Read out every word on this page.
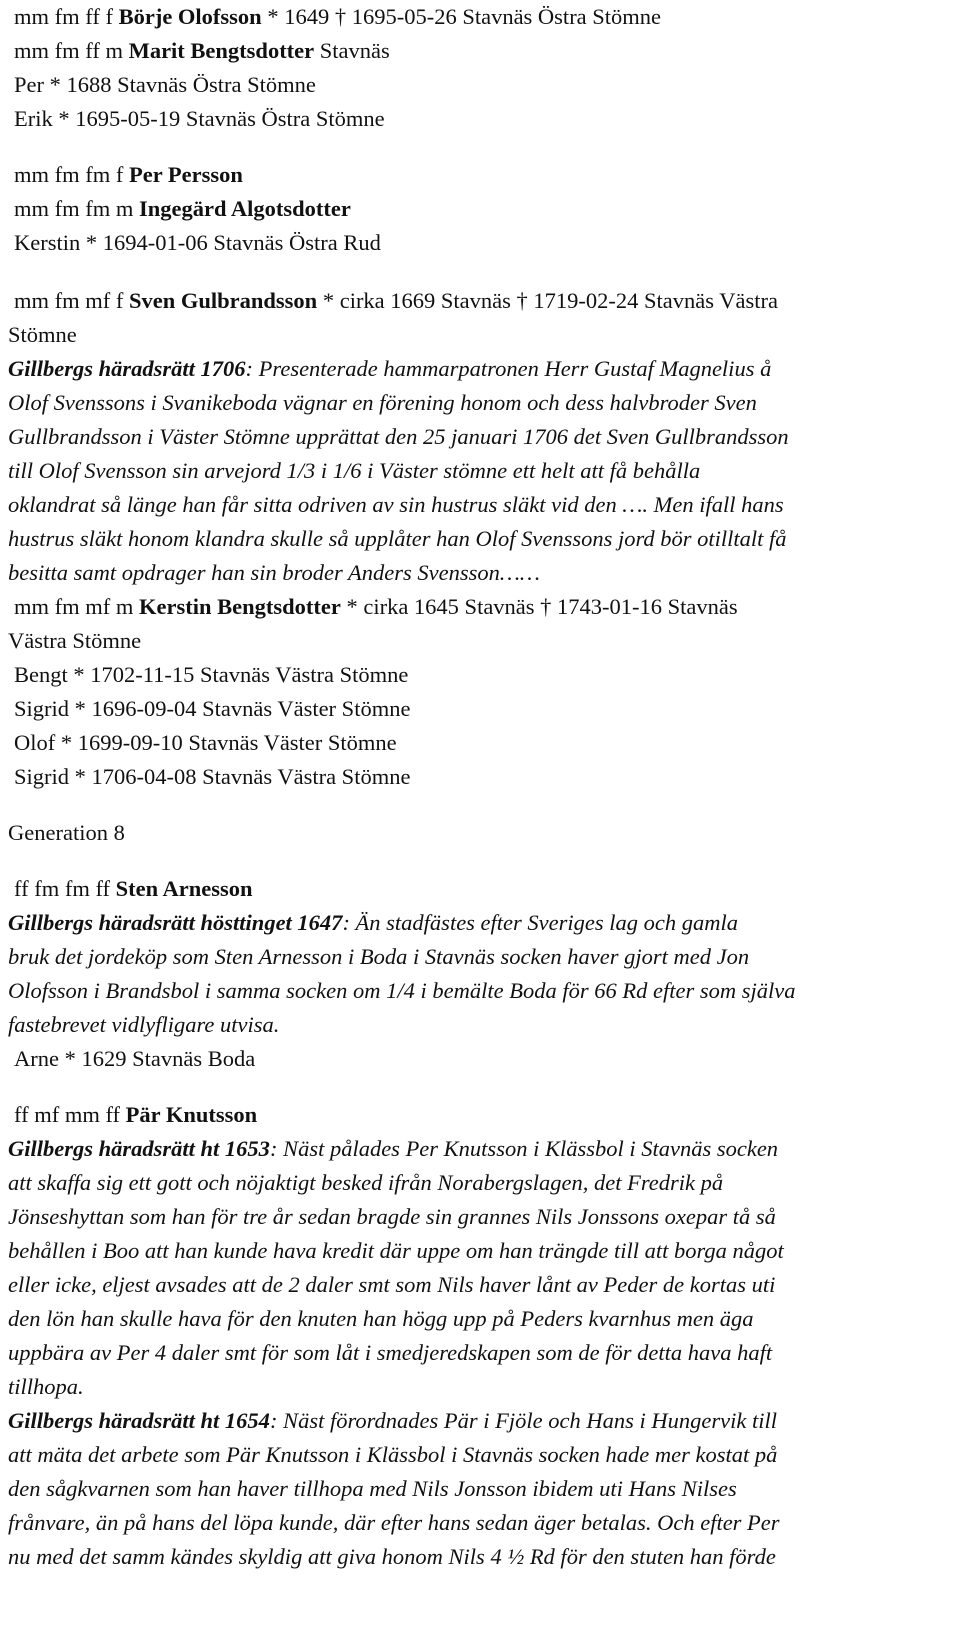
mm fm ff f Börje Olofsson * 1649 † 1695-05-26 Stavnäs Östra Stömne
mm fm ff m Marit Bengtsdotter Stavnäs
Per * 1688 Stavnäs Östra Stömne
Erik * 1695-05-19 Stavnäs Östra Stömne
mm fm fm f Per Persson
mm fm fm m Ingegärd Algotsdotter
Kerstin * 1694-01-06 Stavnäs Östra Rud
mm fm mf f Sven Gulbrandsson * cirka 1669 Stavnäs † 1719-02-24 Stavnäs Västra
Stömne
Gillbergs häradsrätt 1706: Presenterade hammarpatronen Herr Gustaf Magnelius å
Olof Svenssons i Svanikeboda vägnar en förening honom och dess halvbroder Sven
Gullbrandsson i Väster Stömne upprättat den 25 januari 1706 det Sven Gullbrandsson
till Olof Svensson sin arvejord 1/3 i 1/6 i Väster stömne ett helt att få behålla
oklandrat så länge han får sitta odriven av sin hustrus släkt vid den …. Men ifall hans
hustrus släkt honom klandra skulle så upplåter han Olof Svenssons jord bör otilltalt få
besitta samt opdrager han sin broder Anders Svensson……
mm fm mf m Kerstin Bengtsdotter * cirka 1645 Stavnäs † 1743-01-16 Stavnäs
Västra Stömne
Bengt * 1702-11-15 Stavnäs Västra Stömne
Sigrid * 1696-09-04 Stavnäs Väster Stömne
Olof * 1699-09-10 Stavnäs Väster Stömne
Sigrid * 1706-04-08 Stavnäs Västra Stömne
Generation 8
ff fm fm ff Sten Arnesson
Gillbergs häradsrätt hösttinget 1647: Än stadfästes efter Sveriges lag och gamla
bruk det jordeköp som Sten Arnesson i Boda i Stavnäs socken haver gjort med Jon
Olofsson i Brandsbol i samma socken om 1/4 i bemälte Boda för 66 Rd efter som själva
fastebrevet vidlyfligare utvisa.
Arne * 1629 Stavnäs Boda
ff mf mm ff Pär Knutsson
Gillbergs häradsrätt ht 1653: Näst pålades Per Knutsson i Klässbol i Stavnäs socken
att skaffa sig ett gott och nöjaktigt besked ifrån Norabergslagen, det Fredrik på
Jönseshyttan som han för tre år sedan bragde sin grannes Nils Jonssons oxepar tå så
behållen i Boo att han kunde hava kredit där uppe om han trängde till att borga något
eller icke, eljest avsades att de 2 daler smt som Nils haver lånt av Peder de kortas uti
den lön han skulle hava för den knuten han högg upp på Peders kvarnhus men äga
uppbära av Per 4 daler smt för som låt i smedjeredskapen som de för detta hava haft
tillhopa.
Gillbergs häradsrätt ht 1654: Näst förordnades Pär i Fjöle och Hans i Hungervik till
att mäta det arbete som Pär Knutsson i Klässbol i Stavnäs socken hade mer kostat på
den sågkvarnen som han haver tillhopa med Nils Jonsson ibidem uti Hans Nilses
frånvare, än på hans del löpa kunde, där efter hans sedan äger betalas. Och efter Per
nu med det samm kändes skyldig att giva honom Nils 4 ½ Rd för den stuten han förde
